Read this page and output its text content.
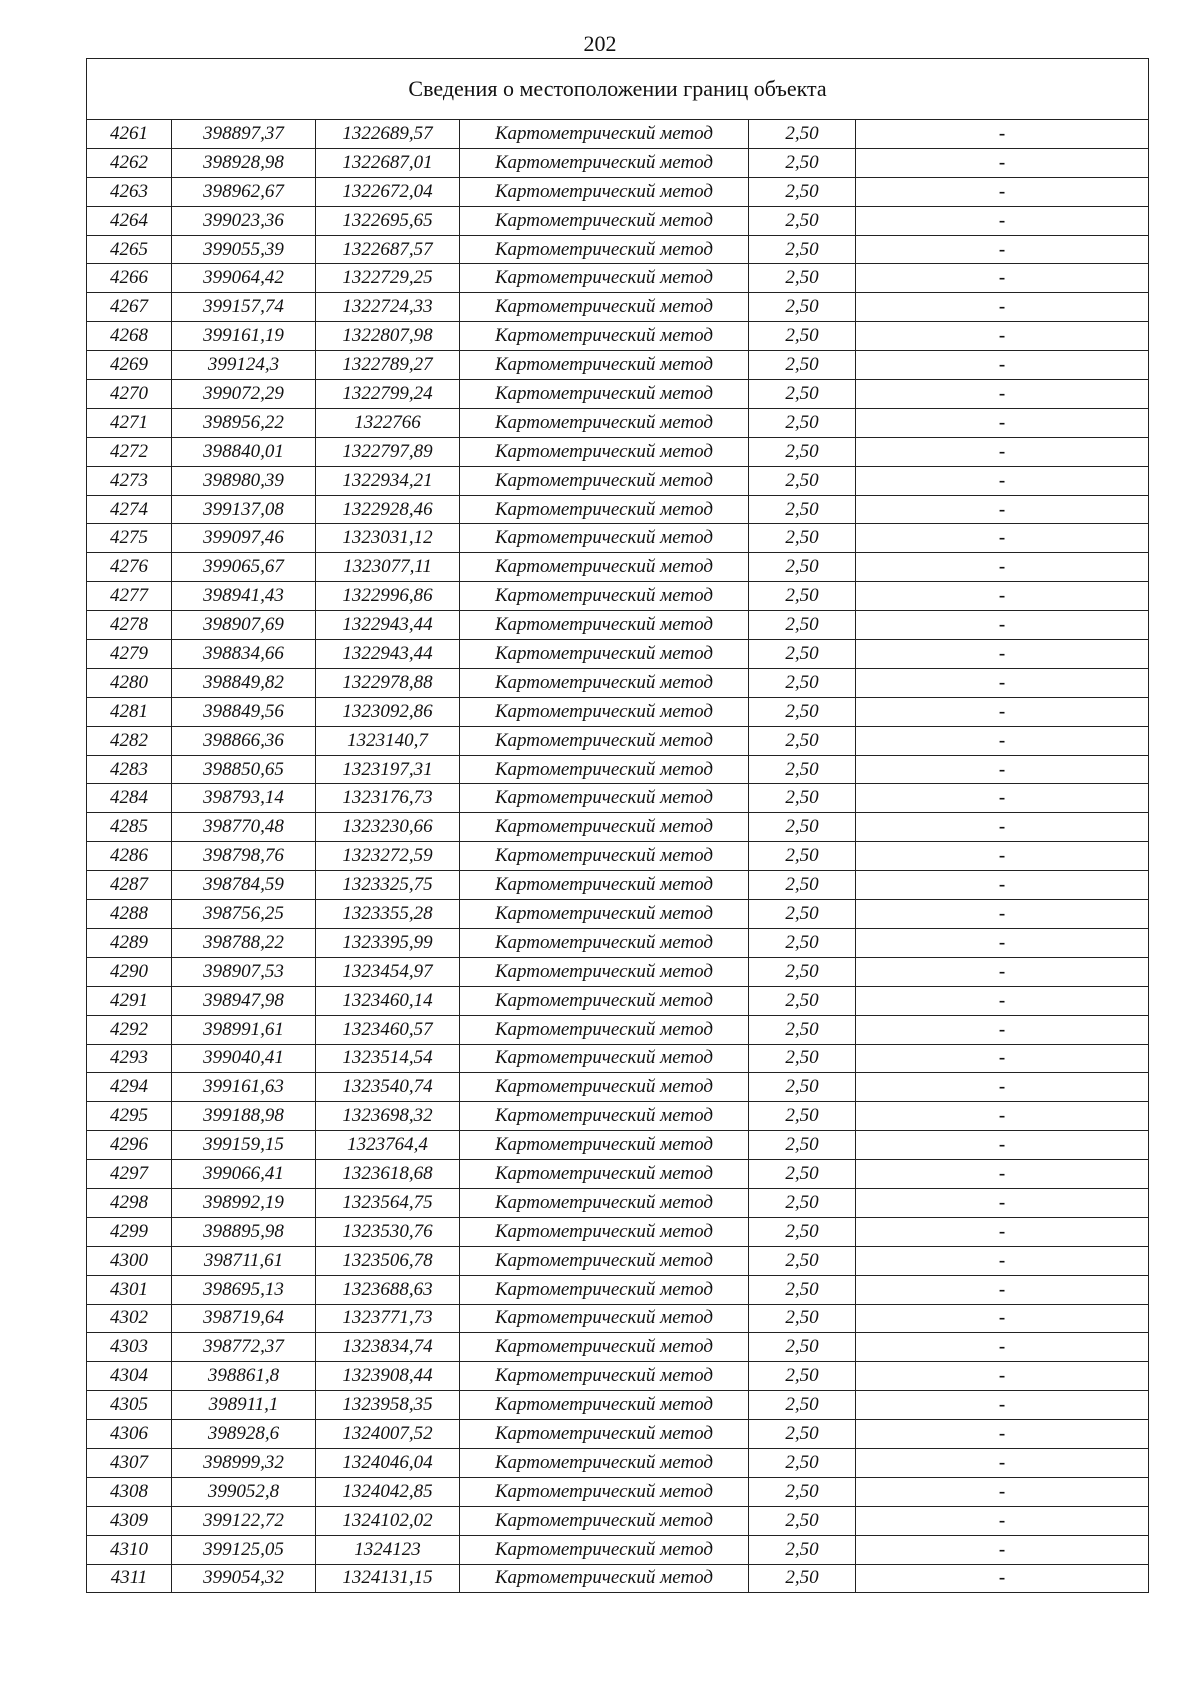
202
Сведения о местоположении границ объекта					
4261	398897,37	1322689,57	Картометрический метод	2,50	-
4262	398928,98	1322687,01	Картометрический метод	2,50	-
4263	398962,67	1322672,04	Картометрический метод	2,50	-
4264	399023,36	1322695,65	Картометрический метод	2,50	-
4265	399055,39	1322687,57	Картометрический метод	2,50	-
4266	399064,42	1322729,25	Картометрический метод	2,50	-
4267	399157,74	1322724,33	Картометрический метод	2,50	-
4268	399161,19	1322807,98	Картометрический метод	2,50	-
4269	399124,3	1322789,27	Картометрический метод	2,50	-
4270	399072,29	1322799,24	Картометрический метод	2,50	-
4271	398956,22	1322766	Картометрический метод	2,50	-
4272	398840,01	1322797,89	Картометрический метод	2,50	-
4273	398980,39	1322934,21	Картометрический метод	2,50	-
4274	399137,08	1322928,46	Картометрический метод	2,50	-
4275	399097,46	1323031,12	Картометрический метод	2,50	-
4276	399065,67	1323077,11	Картометрический метод	2,50	-
4277	398941,43	1322996,86	Картометрический метод	2,50	-
4278	398907,69	1322943,44	Картометрический метод	2,50	-
4279	398834,66	1322943,44	Картометрический метод	2,50	-
4280	398849,82	1322978,88	Картометрический метод	2,50	-
4281	398849,56	1323092,86	Картометрический метод	2,50	-
4282	398866,36	1323140,7	Картометрический метод	2,50	-
4283	398850,65	1323197,31	Картометрический метод	2,50	-
4284	398793,14	1323176,73	Картометрический метод	2,50	-
4285	398770,48	1323230,66	Картометрический метод	2,50	-
4286	398798,76	1323272,59	Картометрический метод	2,50	-
4287	398784,59	1323325,75	Картометрический метод	2,50	-
4288	398756,25	1323355,28	Картометрический метод	2,50	-
4289	398788,22	1323395,99	Картометрический метод	2,50	-
4290	398907,53	1323454,97	Картометрический метод	2,50	-
4291	398947,98	1323460,14	Картометрический метод	2,50	-
4292	398991,61	1323460,57	Картометрический метод	2,50	-
4293	399040,41	1323514,54	Картометрический метод	2,50	-
4294	399161,63	1323540,74	Картометрический метод	2,50	-
4295	399188,98	1323698,32	Картометрический метод	2,50	-
4296	399159,15	1323764,4	Картометрический метод	2,50	-
4297	399066,41	1323618,68	Картометрический метод	2,50	-
4298	398992,19	1323564,75	Картометрический метод	2,50	-
4299	398895,98	1323530,76	Картометрический метод	2,50	-
4300	398711,61	1323506,78	Картометрический метод	2,50	-
4301	398695,13	1323688,63	Картометрический метод	2,50	-
4302	398719,64	1323771,73	Картометрический метод	2,50	-
4303	398772,37	1323834,74	Картометрический метод	2,50	-
4304	398861,8	1323908,44	Картометрический метод	2,50	-
4305	398911,1	1323958,35	Картометрический метод	2,50	-
4306	398928,6	1324007,52	Картометрический метод	2,50	-
4307	398999,32	1324046,04	Картометрический метод	2,50	-
4308	399052,8	1324042,85	Картометрический метод	2,50	-
4309	399122,72	1324102,02	Картометрический метод	2,50	-
4310	399125,05	1324123	Картометрический метод	2,50	-
4311	399054,32	1324131,15	Картометрический метод	2,50	-
